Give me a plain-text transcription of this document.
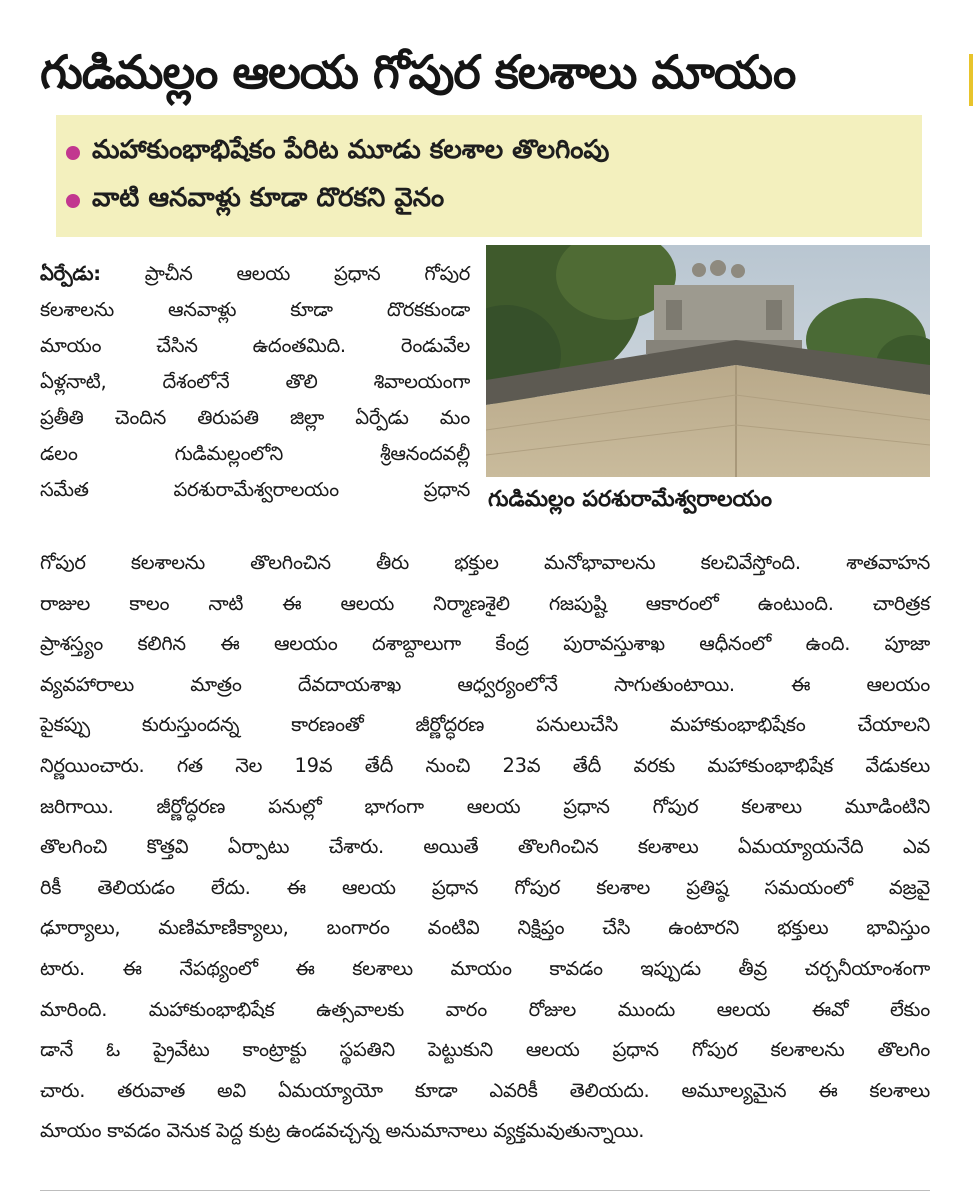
గుడిమల్లం ఆలయ గోపుర కలశాలు మాయం
మహాకుంభాభిషేకం పేరిట మూడు కలశాల తొలగింపు
వాటి ఆనవాళ్లు కూడా దొరకని వైనం
గుడిమల్లం పరశురామేశ్వరాలయం
ఏర్పేడు: ప్రాచీన ఆలయ ప్రధాన గోపుర
కలశాలను ఆనవాళ్లు కూడా దొరకకుండా
మాయం చేసిన ఉదంతమిది. రెండువేల
ఏళ్లనాటి, దేశంలోనే తొలి శివాలయంగా
ప్రతీతి చెందిన తిరుపతి జిల్లా ఏర్పేడు మం
డలం గుడిమల్లంలోని శ్రీఆనందవల్లీ
సమేత పరశురామేశ్వరాలయం ప్రధాన
గోపుర కలశాలను తొలగించిన తీరు భక్తుల మనోభావాలను కలచివేస్తోంది. శాతవాహన
రాజుల కాలం నాటి ఈ ఆలయ నిర్మాణశైలి గజపుష్టి ఆకారంలో ఉంటుంది. చారిత్రక
ప్రాశస్త్యం కలిగిన ఈ ఆలయం దశాబ్దాలుగా కేంద్ర పురావస్తుశాఖ ఆధీనంలో ఉంది. పూజా
వ్యవహారాలు మాత్రం దేవదాయశాఖ ఆధ్వర్యంలోనే సాగుతుంటాయి. ఈ ఆలయం
పైకప్పు కురుస్తుందన్న కారణంతో జీర్ణోద్ధరణ పనులుచేసి మహాకుంభాభిషేకం చేయాలని
నిర్ణయించారు. గత నెల 19వ తేదీ నుంచి 23వ తేదీ వరకు మహాకుంభాభిషేక వేడుకలు
జరిగాయి. జీర్ణోద్ధరణ పనుల్లో భాగంగా ఆలయ ప్రధాన గోపుర కలశాలు మూడింటిని
తొలగించి కొత్తవి ఏర్పాటు చేశారు. అయితే తొలగించిన కలశాలు ఏమయ్యాయనేది ఎవ
రికీ తెలియడం లేదు. ఈ ఆలయ ప్రధాన గోపుర కలశాల ప్రతిష్ఠ సమయంలో వజ్రవై
ఢూర్యాలు, మణిమాణిక్యాలు, బంగారం వంటివి నిక్షిప్తం చేసి ఉంటారని భక్తులు భావిస్తుం
టారు. ఈ నేపథ్యంలో ఈ కలశాలు మాయం కావడం ఇప్పుడు తీవ్ర చర్చనీయాంశంగా
మారింది. మహాకుంభాభిషేక ఉత్సవాలకు వారం రోజుల ముందు ఆలయ ఈవో లేకుం
డానే ఓ ప్రైవేటు కాంట్రాక్టు స్థపతిని పెట్టుకుని ఆలయ ప్రధాన గోపుర కలశాలను తొలగిం
చారు. తరువాత అవి ఏమయ్యాయో కూడా ఎవరికీ తెలియదు. అమూల్యమైన ఈ కలశాలు
మాయం కావడం వెనుక పెద్ద కుట్ర ఉండవచ్చన్న అనుమానాలు వ్యక్తమవుతున్నాయి.
